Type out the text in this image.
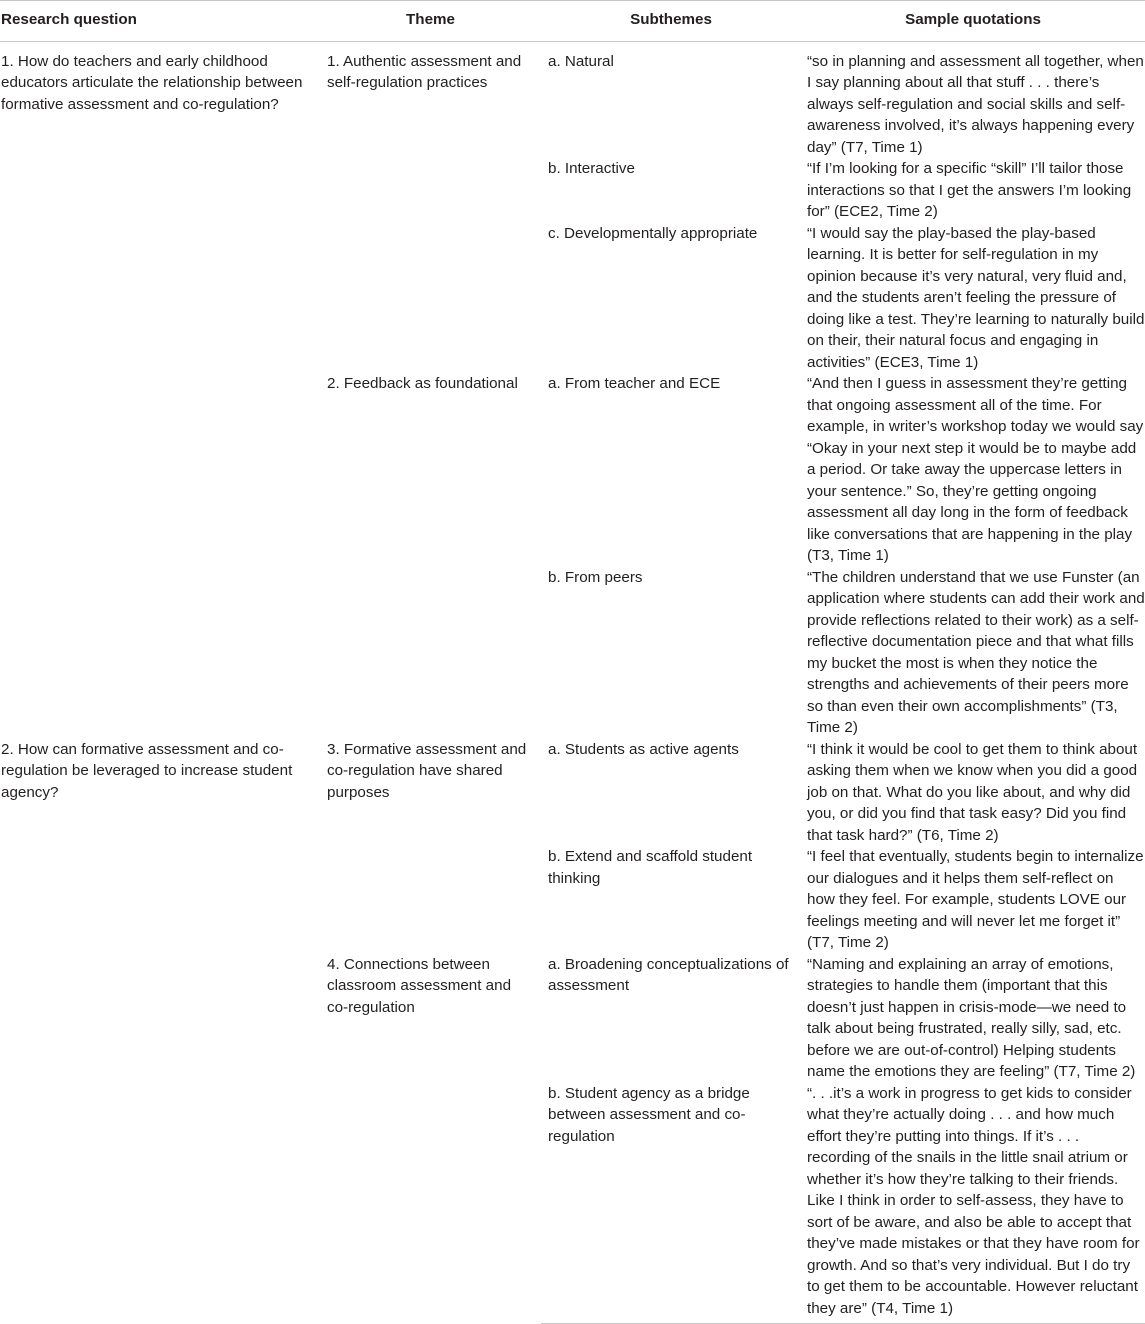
Research question	Theme	Subthemes	Sample quotations
1. How do teachers and early childhood educators articulate the relationship between formative assessment and co-regulation?	1. Authentic assessment and self-regulation practices	a. Natural	“so in planning and assessment all together, when I say planning about all that stuff . . . there’s always self-regulation and social skills and self-awareness involved, it’s always happening every day” (T7, Time 1)
		b. Interactive	“If I’m looking for a specific “skill” I’ll tailor those interactions so that I get the answers I’m looking for” (ECE2, Time 2)
		c. Developmentally appropriate	“I would say the play-based the play-based learning. It is better for self-regulation in my opinion because it’s very natural, very fluid and, and the students aren’t feeling the pressure of doing like a test. They’re learning to naturally build on their, their natural focus and engaging in activities” (ECE3, Time 1)
	2. Feedback as foundational	a. From teacher and ECE	“And then I guess in assessment they’re getting that ongoing assessment all of the time. For example, in writer’s workshop today we would say “Okay in your next step it would be to maybe add a period. Or take away the uppercase letters in your sentence.” So, they’re getting ongoing assessment all day long in the form of feedback like conversations that are happening in the play (T3, Time 1)
		b. From peers	“The children understand that we use Funster (an application where students can add their work and provide reflections related to their work) as a self-reflective documentation piece and that what fills my bucket the most is when they notice the strengths and achievements of their peers more so than even their own accomplishments” (T3, Time 2)
2. How can formative assessment and co-regulation be leveraged to increase student agency?	3. Formative assessment and co-regulation have shared purposes	a. Students as active agents	“I think it would be cool to get them to think about asking them when we know when you did a good job on that. What do you like about, and why did you, or did you find that task easy? Did you find that task hard?” (T6, Time 2)
		b. Extend and scaffold student thinking	“I feel that eventually, students begin to internalize our dialogues and it helps them self-reflect on how they feel. For example, students LOVE our feelings meeting and will never let me forget it” (T7, Time 2)
	4. Connections between classroom assessment and co-regulation	a. Broadening conceptualizations of assessment	“Naming and explaining an array of emotions, strategies to handle them (important that this doesn’t just happen in crisis-mode—we need to talk about being frustrated, really silly, sad, etc. before we are out-of-control) Helping students name the emotions they are feeling” (T7, Time 2)
		b. Student agency as a bridge between assessment and co-regulation	“. . .it’s a work in progress to get kids to consider what they’re actually doing . . . and how much effort they’re putting into things. If it’s . . . recording of the snails in the little snail atrium or whether it’s how they’re talking to their friends. Like I think in order to self-assess, they have to sort of be aware, and also be able to accept that they’ve made mistakes or that they have room for growth. And so that’s very individual. But I do try to get them to be accountable. However reluctant they are” (T4, Time 1)
